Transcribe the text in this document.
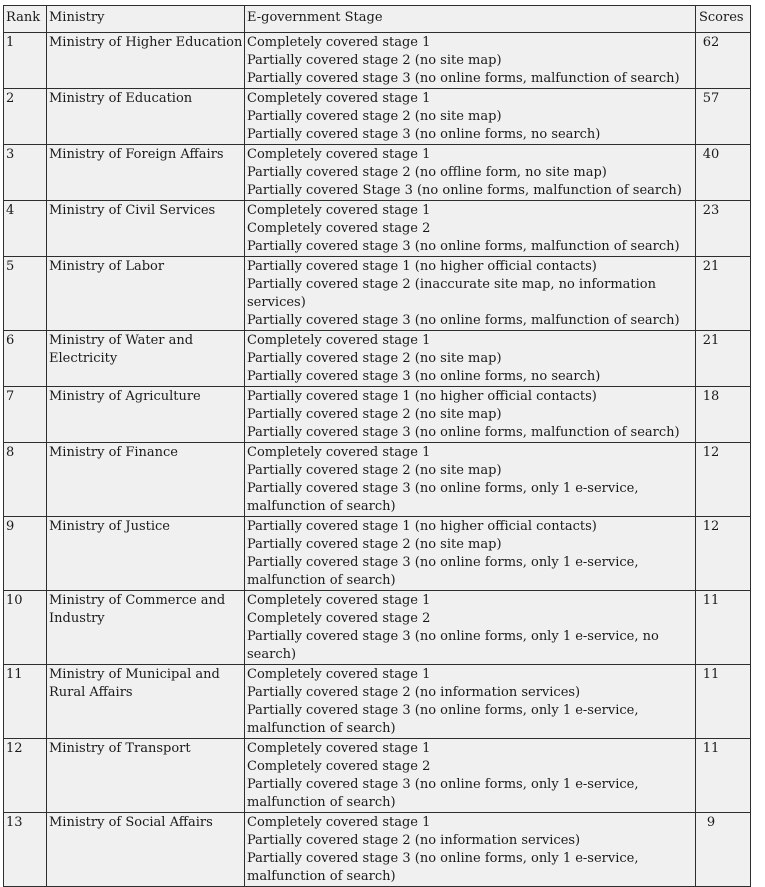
Rank	Ministry	E-government Stage	Scores
1	Ministry of Higher Education	Completely covered stage 1
Partially covered stage 2 (no site map)
Partially covered stage 3 (no online forms, malfunction of search)	62
2	Ministry of Education	Completely covered stage 1
Partially covered stage 2 (no site map)
Partially covered stage 3 (no online forms, no search)	57
3	Ministry of Foreign Affairs	Completely covered stage 1
Partially covered stage 2 (no offline form, no site map)
Partially covered Stage 3 (no online forms, malfunction of search)	40
4	Ministry of Civil Services	Completely covered stage 1
Completely covered stage 2
Partially covered stage 3 (no online forms, malfunction of search)	23
5	Ministry of Labor	Partially covered stage 1 (no higher official contacts)
Partially covered stage 2 (inaccurate site map, no information
services)
Partially covered stage 3 (no online forms, malfunction of search)	21
6	Ministry of Water and
Electricity	Completely covered stage 1
Partially covered stage 2 (no site map)
Partially covered stage 3 (no online forms, no search)	21
7	Ministry of Agriculture	Partially covered stage 1 (no higher official contacts)
Partially covered stage 2 (no site map)
Partially covered stage 3 (no online forms, malfunction of search)	18
8	Ministry of Finance	Completely covered stage 1
Partially covered stage 2 (no site map)
Partially covered stage 3 (no online forms, only 1 e-service,
malfunction of search)	12
9	Ministry of Justice	Partially covered stage 1 (no higher official contacts)
Partially covered stage 2 (no site map)
Partially covered stage 3 (no online forms, only 1 e-service,
malfunction of search)	12
10	Ministry of Commerce and
Industry	Completely covered stage 1
Completely covered stage 2
Partially covered stage 3 (no online forms, only 1 e-service, no
search)	11
11	Ministry of Municipal and
Rural Affairs	Completely covered stage 1
Partially covered stage 2 (no information services)
Partially covered stage 3 (no online forms, only 1 e-service,
malfunction of search)	11
12	Ministry of Transport	Completely covered stage 1
Completely covered stage 2
Partially covered stage 3 (no online forms, only 1 e-service,
malfunction of search)	11
13	Ministry of Social Affairs	Completely covered stage 1
Partially covered stage 2 (no information services)
Partially covered stage 3 (no online forms, only 1 e-service,
malfunction of search)	9
